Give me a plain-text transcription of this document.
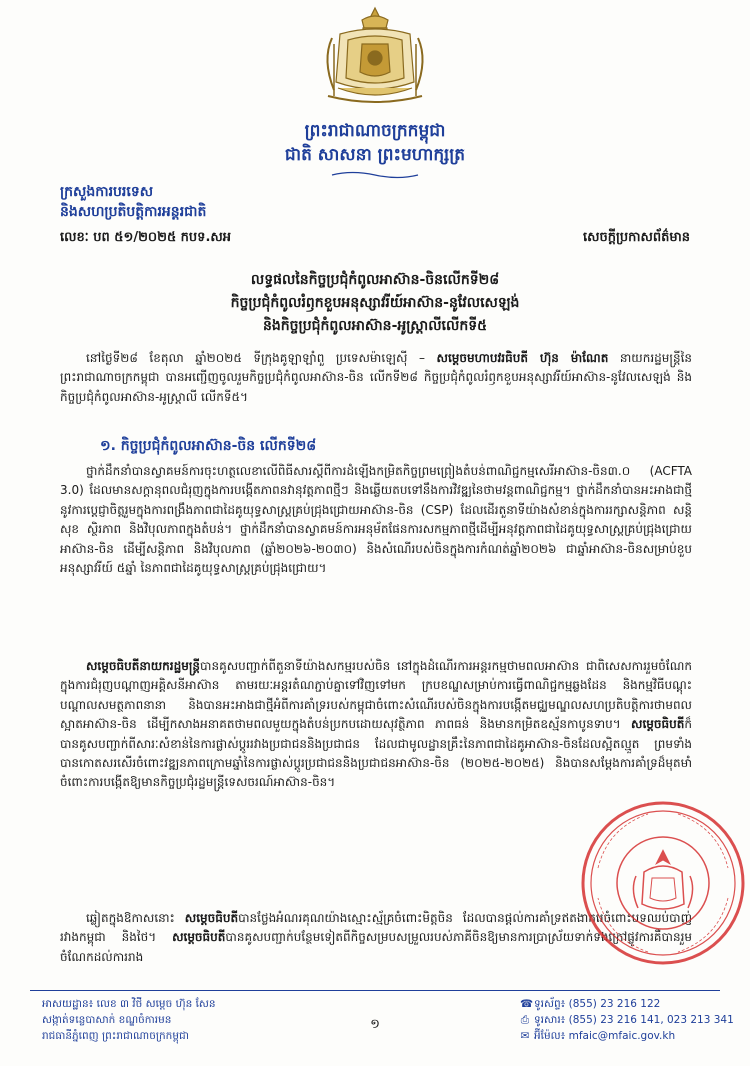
ព្រះរាជាណាចក្រកម្ពុជា
ជាតិ សាសនា ព្រះមហាក្សត្រ
ក្រសួងការបរទេស
និងសហប្រតិបត្តិការអន្តរជាតិ
លេខៈ បព ៥១/២០២៥ កបទ.សអ	សេចក្តីប្រកាសព័ត៌មាន
លទ្ធផលនៃកិច្ចប្រជុំកំពូលអាស៊ាន-ចិនលើកទី២៨
កិច្ចប្រជុំកំពូលរំឭកខួបអនុស្សាវរីយ៍អាស៊ាន-នូវែលសេឡង់
និងកិច្ចប្រជុំកំពូលអាស៊ាន-អូស្ត្រាលីលើកទី៥

នៅថ្ងៃទី២៨ ខែតុលា ឆ្នាំ២០២៥ ទីក្រុងគូឡាឡាំពួ ប្រទេសម៉ាឡេស៊ី – សម្តេចមហាបវរធិបតី ហ៊ុន ម៉ាណែត នាយករដ្ឋមន្ត្រីនៃព្រះរាជាណាចក្រកម្ពុជា បានអញ្ជើញចូលរួមកិច្ចប្រជុំកំពូលអាស៊ាន-ចិន លើកទី២៨ កិច្ចប្រជុំកំពូលរំឭកខួបអនុស្សាវរីយ៍អាស៊ាន-នូវែលសេឡង់ និងកិច្ចប្រជុំកំពូលអាស៊ាន-អូស្ត្រាលី លើកទី៥។

១. កិច្ចប្រជុំកំពូលអាស៊ាន-ចិន លើកទី២៨

ថ្នាក់ដឹកនាំបានស្វាគមន៍ការចុះហត្ថលេខាលើពិធីសារស្តីពីការដំឡើងកម្រិតកិច្ចព្រមព្រៀងតំបន់ពាណិជ្ជកម្មសេរីអាស៊ាន-ចិន៣.០ (ACFTA 3.0) ដែលមានសក្តានុពលជំរុញក្នុងការបង្កើតភាពនវានុវត្តភាពថ្មីៗ និងឆ្លើយតបទៅនឹងការវិវឌ្ឍនៃថាមវន្តពាណិជ្ជកម្ម។ ថ្នាក់ដឹកនាំបានអះអាងជាថ្មីនូវការប្តេជ្ញាចិត្តរួមក្នុងការពង្រឹងភាពជាដៃគូយុទ្ធសាស្ត្រគ្រប់ជ្រុងជ្រោយអាស៊ាន-ចិន (CSP) ដែលដើរតួនាទីយ៉ាងសំខាន់ក្នុងការរក្សាសន្តិភាព សន្តិសុខ ស្ថិរភាព និងវិបុលភាពក្នុងតំបន់។ ថ្នាក់ដឹកនាំបានស្វាគមន៍ការអនុម័តផែនការសកម្មភាពថ្មីដើម្បីអនុវត្តភាពជាដៃគូយុទ្ធសាស្ត្រគ្រប់ជ្រុងជ្រោយអាស៊ាន-ចិន ដើម្បីសន្តិភាព និងវិបុលភាព (ឆ្នាំ២០២៦-២០៣០) និងសំណើរបស់ចិនក្នុងការកំណត់ឆ្នាំ២០២៦ ជាឆ្នាំអាស៊ាន-ចិនសម្រាប់ខួបអនុស្សាវរីយ៍ ៥ឆ្នាំ នៃភាពជាដៃគូយុទ្ធសាស្ត្រគ្រប់ជ្រុងជ្រោយ។

សម្តេចធិបតីនាយករដ្ឋមន្ត្រីបានគូសបញ្ជាក់ពីតួនាទីយ៉ាងសកម្មរបស់ចិន នៅក្នុងដំណើរការអន្តរកម្មថាមពលអាស៊ាន ជាពិសេសការរួមចំណែកក្នុងការជំរុញបណ្តាញអគ្គិសនីអាស៊ាន តាមរយៈអន្តរតំណភ្ជាប់គ្នាទៅវិញទៅមក ក្របខណ្ឌសម្រាប់ការធ្វើពាណិជ្ជកម្មឆ្លងដែន និងកម្មវិធីបណ្តុះបណ្តាលសមត្ថភាពនានា និងបានអះអាងជាថ្មីអំពីការគាំទ្ររបស់កម្ពុជាចំពោះសំណើរបស់ចិនក្នុងការបង្កើតមជ្ឈមណ្ឌលសហប្រតិបត្តិការថាមពលស្អាតអាស៊ាន-ចិន ដើម្បីកសាងអនាគតថាមពលមួយក្នុងតំបន់ប្រកបដោយសុវត្ថិភាព ភាពធន់ និងមានកម្រិតឧស្ម័នកាបូនទាប។ សម្តេចធិបតីក៏បានគូសបញ្ជាក់ពីសារៈសំខាន់នៃការផ្លាស់ប្តូររវាងប្រជាជននិងប្រជាជន ដែលជាមូលដ្ឋានគ្រឹះនៃភាពជាដៃគូអាស៊ាន-ចិនដែលស្អិតល្មួត ព្រមទាំងបានកោតសរសើរចំពោះវឌ្ឍនភាពក្រោមឆ្នាំនៃការផ្លាស់ប្តូរប្រជាជននិងប្រជាជនអាស៊ាន-ចិន (២០២៥-២០២៥) និងបានសម្តែងការគាំទ្រដ៏មុតមាំចំពោះការបង្កើតឱ្យមានកិច្ចប្រជុំរដ្ឋមន្ត្រីទេសចរណ៍អាស៊ាន-ចិន។

ឆ្លៀតក្នុងឱកាសនោះ សម្តេចធិបតីបានថ្លែងអំណរគុណយ៉ាងស្មោះស្ម័គ្រចំពោះមិត្តចិន ដែលបានផ្តល់ការគាំទ្រឥតងាករេចំពោះបទឈប់បាញ់រវាងកម្ពុជា និងថៃ។ សម្តេចធិបតីបានគូសបញ្ជាក់បន្ថែមទៀតពីកិច្ចសម្របសម្រួលរបស់ភាគីចិនឱ្យមានការប្រាស្រ័យទាក់ទងក្រៅផ្លូវការគឺបានរួមចំណែកដល់ការរាង

អាសយដ្ឋាន៖ លេខ ៣ វិថី សម្តេច ហ៊ុន សែន
សង្កាត់ទន្លេបាសាក់ ខណ្ឌចំការមន
រាជធានីភ្នំពេញ ព្រះរាជាណាចក្រកម្ពុជា
១
☎ទូរស័ព្ទ៖ (855) 23 216 122
⎙ ទូរសារ៖ (855) 23 216 141, 023 213 341
✉ អ៊ីម៉ែល៖ mfaic@mfaic.gov.kh
